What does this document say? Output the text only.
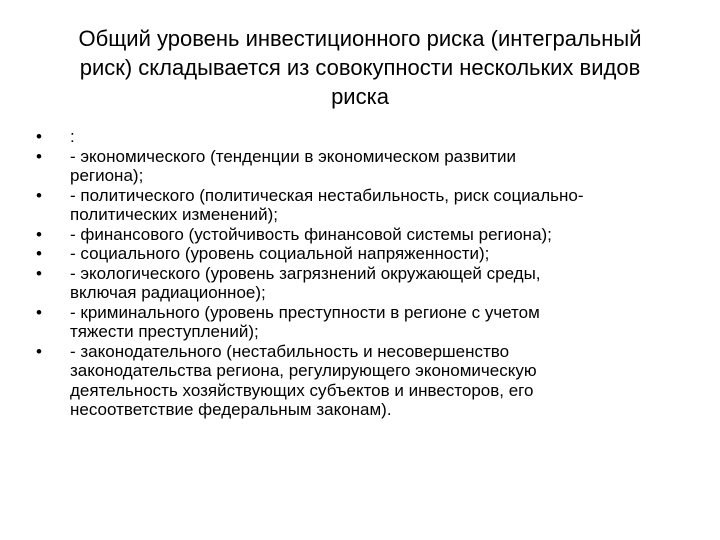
Общий уровень инвестиционного риска (интегральный
риск) складывается из совокупности нескольких видов
риска
•	:
•	- экономического (тенденции в экономическом развитии
региона);
•	- политического (политическая нестабильность, риск социально-
политических изменений);
•	- финансового (устойчивость финансовой системы региона);
•	- социального (уровень социальной напряженности);
•	- экологического (уровень загрязнений окружающей среды,
включая радиационное);
•	- криминального (уровень преступности в регионе с учетом
тяжести преступлений);
•	- законодательного (нестабильность и несовершенство
законодательства региона, регулирующего экономическую
деятельность хозяйствующих субъектов и инвесторов, его
несоответствие федеральным законам).
